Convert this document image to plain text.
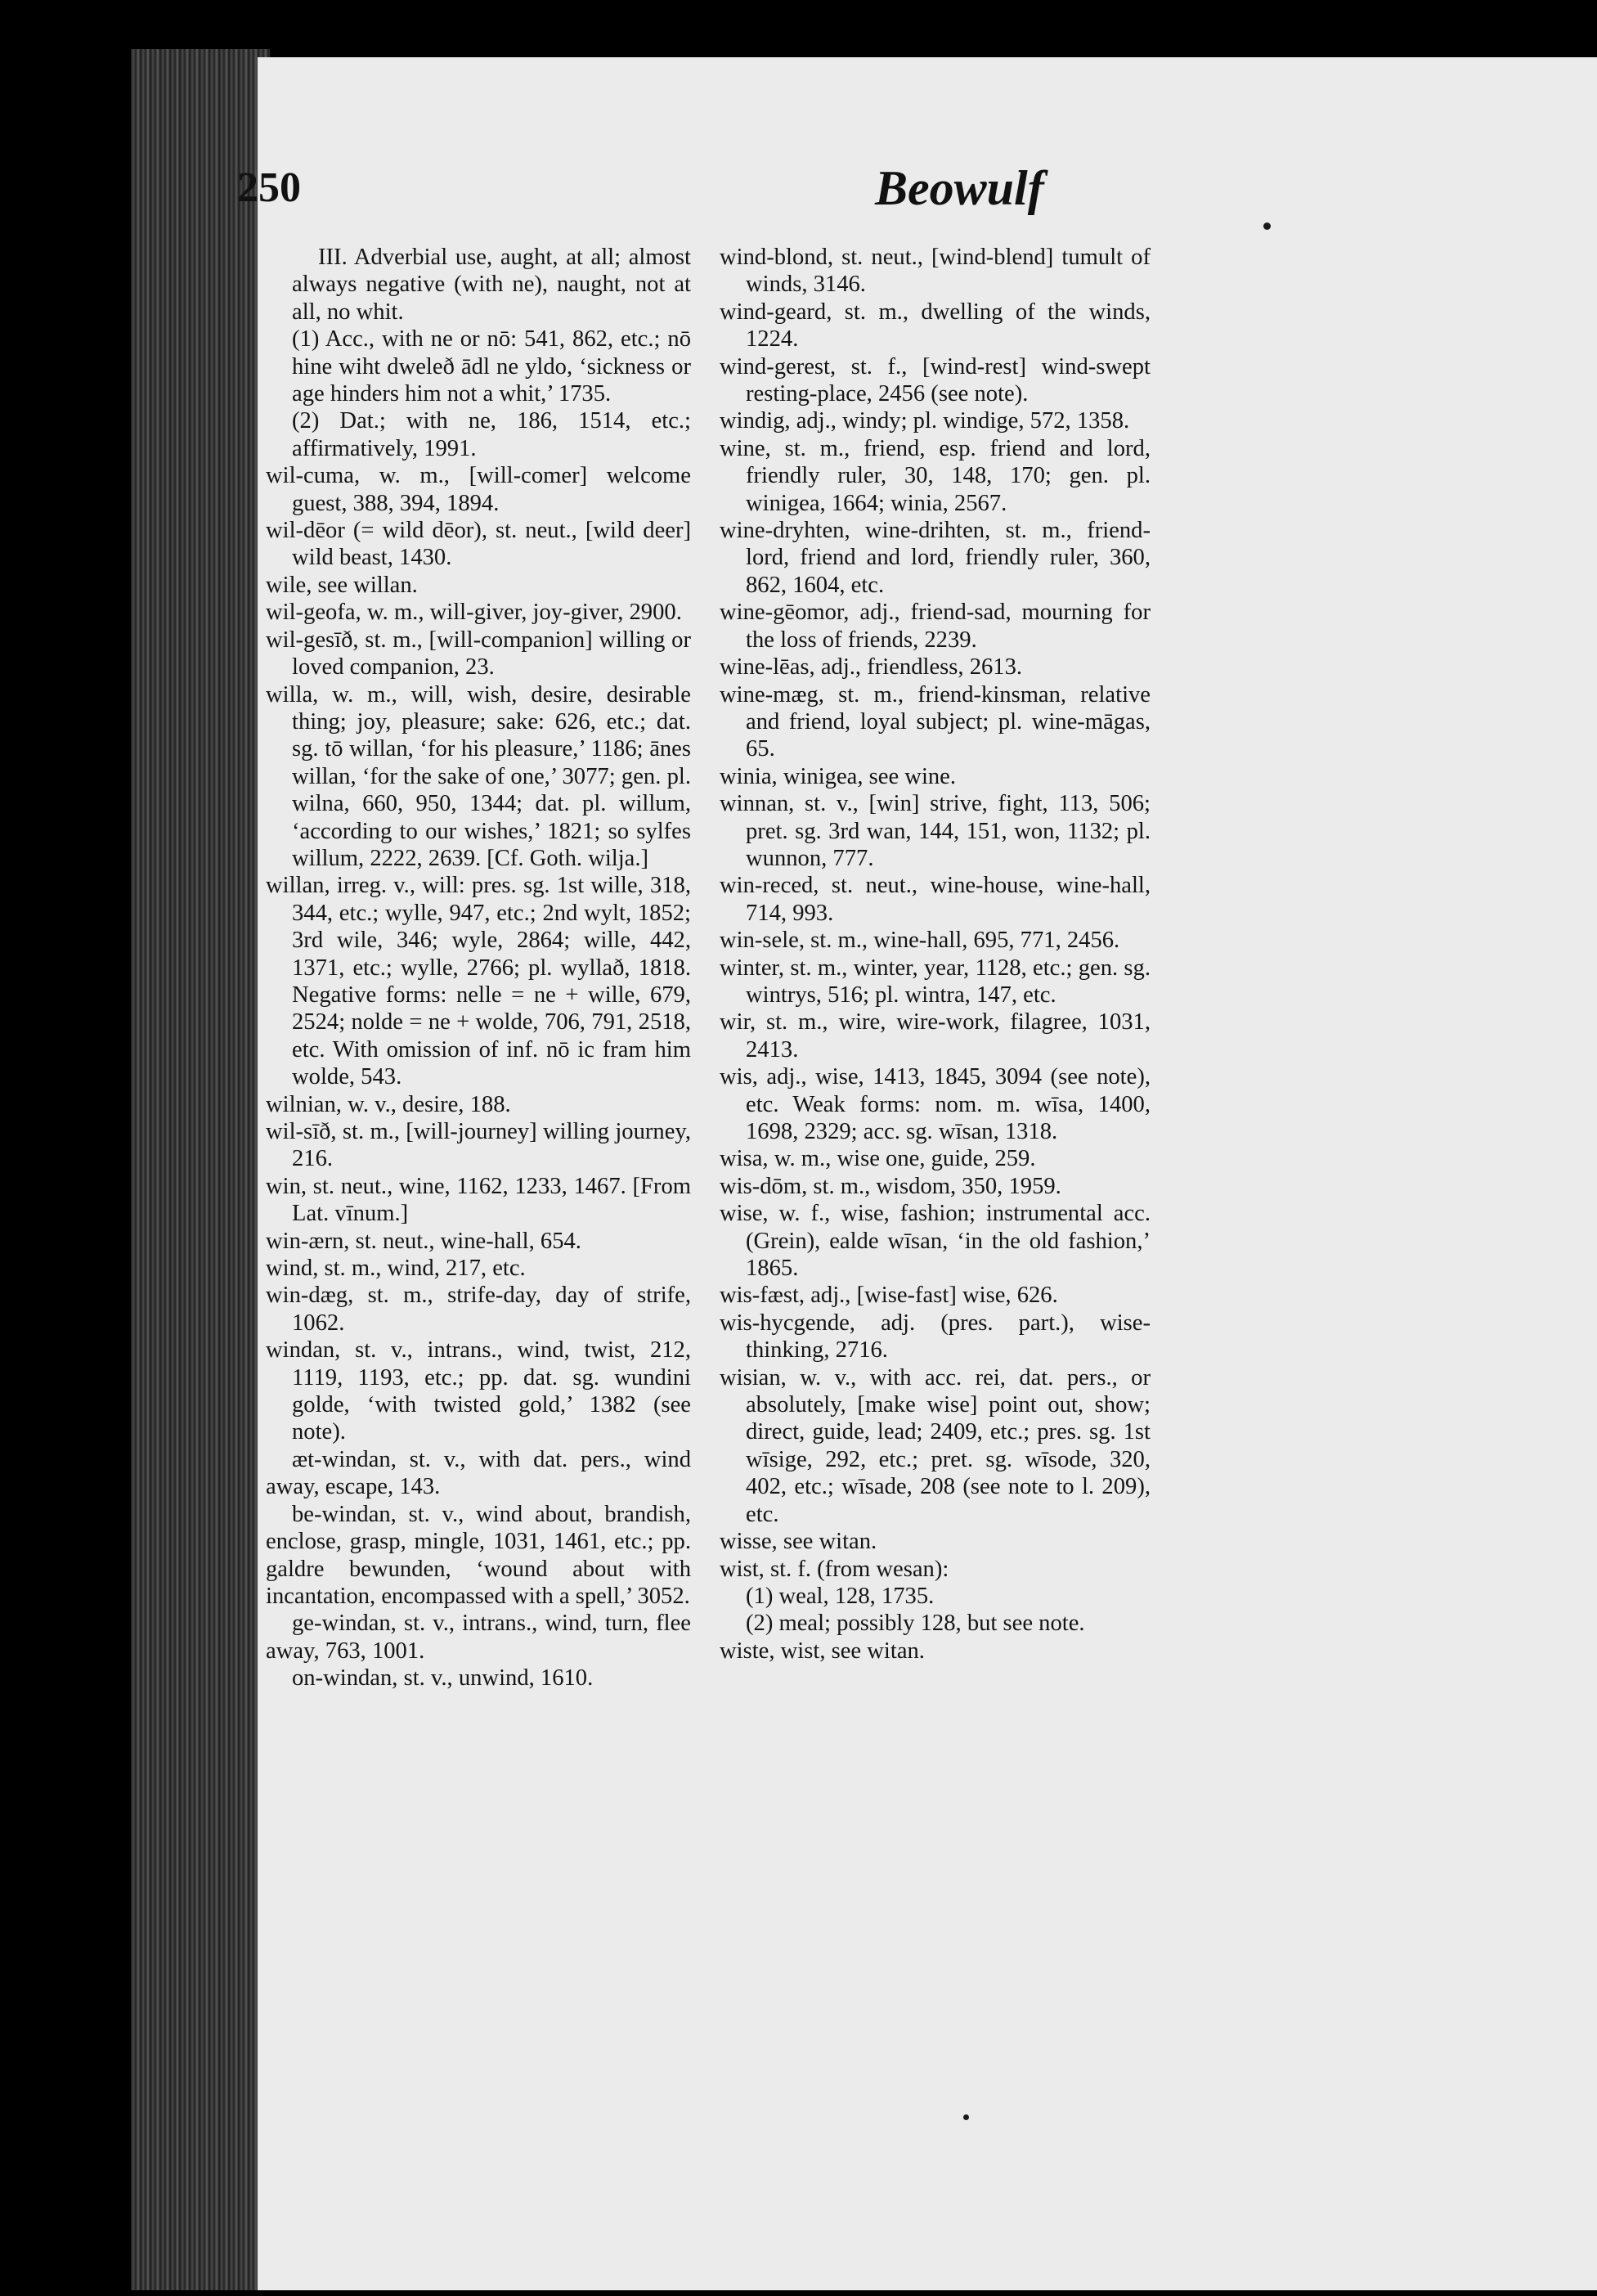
250	Beowulf

III. Adverbial use, aught, at all; almost always negative (with ne), naught, not at all, no whit.

(1) Acc., with ne or nō: 541, 862, etc.; nō hine wiht dweleð ādl ne yldo, ‘sickness or age hinders him not a whit,’ 1735.

(2) Dat.; with ne, 186, 1514, etc.; affirmatively, 1991.

wil-cuma, w. m., [will-comer] welcome guest, 388, 394, 1894.

wil-dēor (= wild dēor), st. neut., [wild deer] wild beast, 1430.

wile, see willan.

wil-geofa, w. m., will-giver, joy-giver, 2900.

wil-gesīð, st. m., [will-companion] willing or loved companion, 23.

willa, w. m., will, wish, desire, desirable thing; joy, pleasure; sake: 626, etc.; dat. sg. tō willan, ‘for his pleasure,’ 1186; ānes willan, ‘for the sake of one,’ 3077; gen. pl. wilna, 660, 950, 1344; dat. pl. willum, ‘according to our wishes,’ 1821; so sylfes willum, 2222, 2639. [Cf. Goth. wilja.]

willan, irreg. v., will: pres. sg. 1st wille, 318, 344, etc.; wylle, 947, etc.; 2nd wylt, 1852; 3rd wile, 346; wyle, 2864; wille, 442, 1371, etc.; wylle, 2766; pl. wyllað, 1818. Negative forms: nelle = ne + wille, 679, 2524; nolde = ne + wolde, 706, 791, 2518, etc. With omission of inf. nō ic fram him wolde, 543.

wilnian, w. v., desire, 188.

wil-sīð, st. m., [will-journey] willing journey, 216.

win, st. neut., wine, 1162, 1233, 1467. [From Lat. vīnum.]

win-ærn, st. neut., wine-hall, 654.

wind, st. m., wind, 217, etc.

win-dæg, st. m., strife-day, day of strife, 1062.

windan, st. v., intrans., wind, twist, 212, 1119, 1193, etc.; pp. dat. sg. wundini golde, ‘with twisted gold,’ 1382 (see note).

æt-windan, st. v., with dat. pers., wind away, escape, 143.

be-windan, st. v., wind about, brandish, enclose, grasp, mingle, 1031, 1461, etc.; pp. galdre bewunden, ‘wound about with incantation, encompassed with a spell,’ 3052.

ge-windan, st. v., intrans., wind, turn, flee away, 763, 1001.

on-windan, st. v., unwind, 1610.

wind-blond, st. neut., [wind-blend] tumult of winds, 3146.

wind-geard, st. m., dwelling of the winds, 1224.

wind-gerest, st. f., [wind-rest] wind-swept resting-place, 2456 (see note).

windig, adj., windy; pl. windige, 572, 1358.

wine, st. m., friend, esp. friend and lord, friendly ruler, 30, 148, 170; gen. pl. winigea, 1664; winia, 2567.

wine-dryhten, wine-drihten, st. m., friend-lord, friend and lord, friendly ruler, 360, 862, 1604, etc.

wine-gēomor, adj., friend-sad, mourning for the loss of friends, 2239.

wine-lēas, adj., friendless, 2613.

wine-mæg, st. m., friend-kinsman, relative and friend, loyal subject; pl. wine-māgas, 65.

winia, winigea, see wine.

winnan, st. v., [win] strive, fight, 113, 506; pret. sg. 3rd wan, 144, 151, won, 1132; pl. wunnon, 777.

win-reced, st. neut., wine-house, wine-hall, 714, 993.

win-sele, st. m., wine-hall, 695, 771, 2456.

winter, st. m., winter, year, 1128, etc.; gen. sg. wintrys, 516; pl. wintra, 147, etc.

wir, st. m., wire, wire-work, filagree, 1031, 2413.

wis, adj., wise, 1413, 1845, 3094 (see note), etc. Weak forms: nom. m. wīsa, 1400, 1698, 2329; acc. sg. wīsan, 1318.

wisa, w. m., wise one, guide, 259.

wis-dōm, st. m., wisdom, 350, 1959.

wise, w. f., wise, fashion; instrumental acc. (Grein), ealde wīsan, ‘in the old fashion,’ 1865.

wis-fæst, adj., [wise-fast] wise, 626.

wis-hycgende, adj. (pres. part.), wise-thinking, 2716.

wisian, w. v., with acc. rei, dat. pers., or absolutely, [make wise] point out, show; direct, guide, lead; 2409, etc.; pres. sg. 1st wīsige, 292, etc.; pret. sg. wīsode, 320, 402, etc.; wīsade, 208 (see note to l. 209), etc.

wisse, see witan.

wist, st. f. (from wesan):

(1) weal, 128, 1735.

(2) meal; possibly 128, but see note.

wiste, wist, see witan.
